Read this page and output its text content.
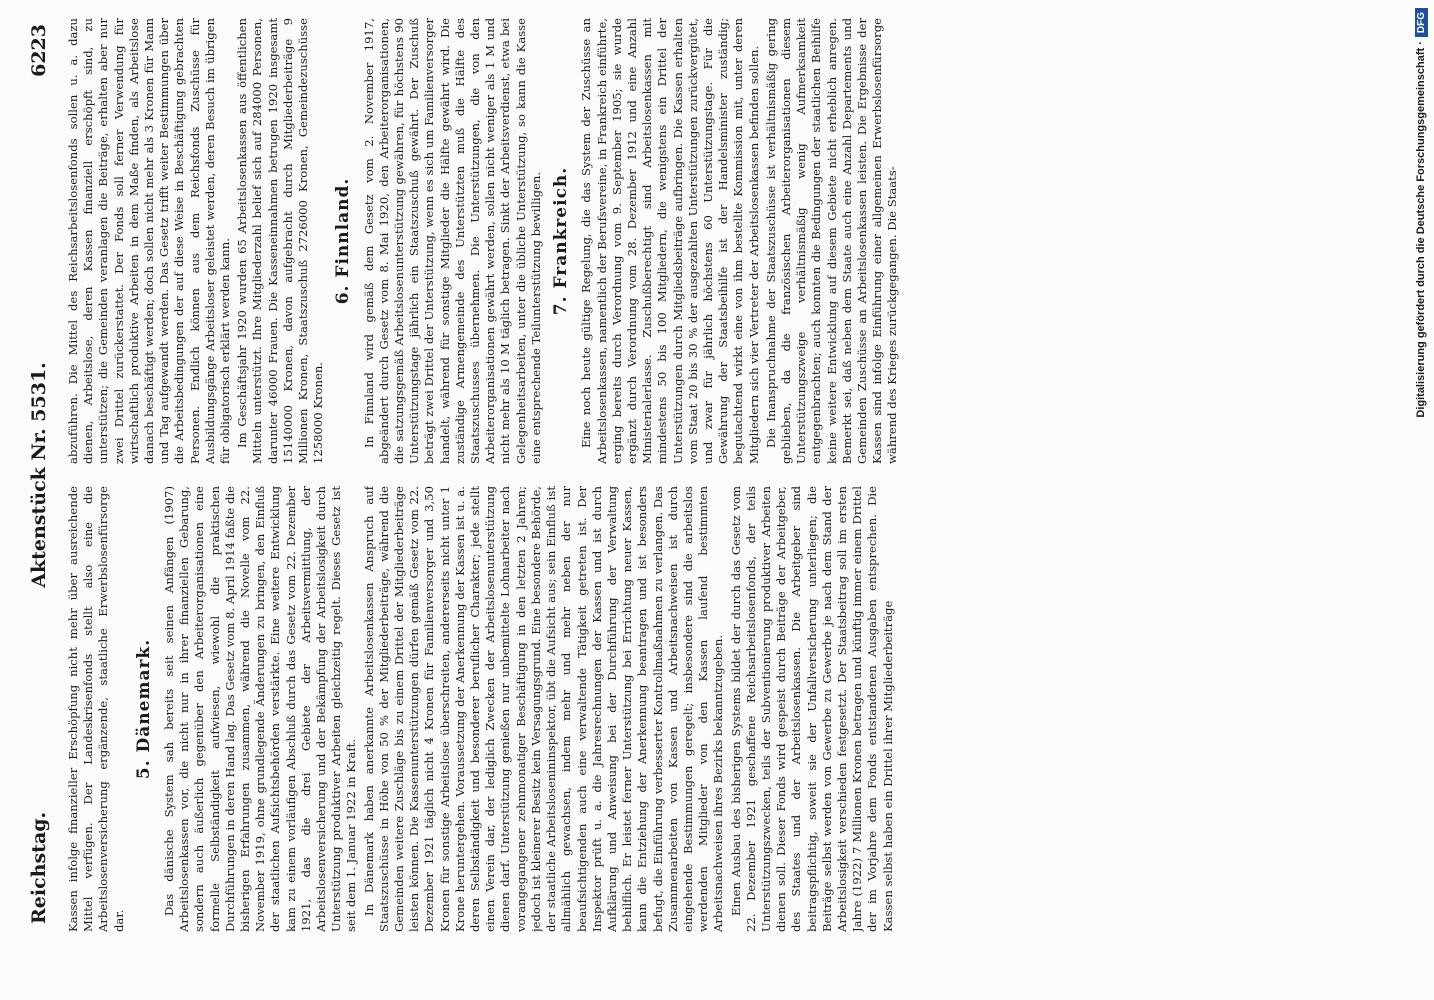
Reichstag.
Aktenstück Nr. 5531.
6223

Kassen infolge finanzieller Erschöpfung nicht mehr über ausreichende Mittel verfügen. Der Landeskrisenfonds stellt also eine die Arbeitslosenversicherung ergänzende, staatliche Erwerbslosenfürsorge dar.

5. Dänemark. Das dänische System sah bereits seit seinen Anfängen (1907) Arbeitslosenkassen vor, die nicht nur in ihrer finanziellen Gebarung, sondern auch äußerlich gegenüber den Arbeiterorganisationen eine formelle Selbständigkeit aufwiesen, wiewohl die praktischen Durchführungen in deren Hand lag. Das Gesetz vom 8. April 1914 faßte die bisherigen Erfahrungen zusammen, während die Novelle vom 22. November 1919, ohne grundlegende Änderungen zu bringen, den Einfluß der staatlichen Aufsichtsbehörden verstärkte. Eine weitere Entwicklung kam zu einem vorläufigen Abschluß durch das Gesetz vom 22. Dezember 1921, das die drei Gebiete der Arbeitsvermittlung, der Arbeitslosenversicherung und der Bekämpfung der Arbeitslosigkeit durch Unterstützung produktiver Arbeiten gleichzeitig regelt. Dieses Gesetz ist seit dem 1. Januar 1922 in Kraft. In Dänemark haben anerkannte Arbeitslosenkassen Anspruch auf Staatszuschüsse in Höhe von 50 % der Mitgliederbeiträge, während die Gemeinden weitere Zuschläge bis zu einem Drittel der Mitgliederbeiträge leisten können. Die Kassenunterstützungen dürfen gemäß Gesetz vom 22. Dezember 1921 täglich nicht 4 Kronen für Familienversorger und 3,50 Kronen für sonstige Arbeitslose überschreiten, andererseits nicht unter 1 Krone heruntergehen. Voraussetzung der Anerkennung der Kassen ist u. a. deren Selbständigkeit und besonderer beruflicher Charakter; jede stellt einen Verein dar, der lediglich Zwecken der Arbeitslosenunterstützung dienen darf. Unterstützung genießen nur unbemittelte Lohnarbeiter nach vorangegangener zehnmonatiger Beschäftigung in den letzten 2 Jahren; jedoch ist kleinerer Besitz kein Versagungsgrund. Eine besondere Behörde, der staatliche Arbeitslosenininspektor, übt die Aufsicht aus; sein Einfluß ist allmählich gewachsen, indem mehr und mehr neben der nur beaufsichtigenden auch eine verwaltende Tätigkeit getreten ist. Der Inspektor prüft u. a. die Jahresrechnungen der Kassen und ist durch Aufklärung und Anweisung bei der Durchführung der Verwaltung behilflich. Er leistet ferner Unterstützung bei Errichtung neuer Kassen, kann die Entziehung der Anerkennung beantragen und ist besonders befugt, die Einführung verbesserter Kontrollmaßnahmen zu verlangen. Das Zusammenarbeiten von Kassen und Arbeitsnachweisen ist durch eingehende Bestimmungen geregelt; insbesondere sind die arbeitslos werdenden Mitglieder von den Kassen laufend bestimmten Arbeitsnachweisen ihres Bezirks bekanntzugeben. Einen Ausbau des bisherigen Systems bildet der durch das Gesetz vom 22. Dezember 1921 geschaffene Reichsarbeitslosenfonds, der teils Unterstützungszwecken, teils der Subventionierung produktiver Arbeiten dienen soll. Dieser Fonds wird gespeist durch Beiträge der Arbeitgeber, des Staates und der Arbeitslosenkassen. Die Arbeitgeber sind beitragspflichtig, soweit sie der Unfallversicherung unterliegen; die Beiträge selbst werden von Gewerbe zu Gewerbe je nach dem Stand der Arbeitslosigkeit verschieden festgesetzt. Der Staatsbeitrag soll im ersten Jahre (1922) 7 Millionen Kronen betragen und künftig immer einem Drittel der im Vorjahre dem Fonds entstandenen Ausgaben entsprechen. Die Kassen selbst haben ein Drittel ihrer Mitgliederbeiträge

abzuführen. Die Mittel des Reichsarbeitslosenfonds sollen u. a. dazu dienen, Arbeitslose, deren Kassen finanziell erschöpft sind, zu unterstützen; die Gemeinden veranlagen die Beiträge, erhalten aber nur zwei Drittel zurückerstattet. Der Fonds soll ferner Verwendung für wirtschaftlich produktive Arbeiten in dem Maße finden, als Arbeitslose danach beschäftigt werden; doch sollen nicht mehr als 3 Kronen für Mann und Tag aufgewandt werden. Das Gesetz trifft weiter Bestimmungen über die Arbeitsbedingungen der auf diese Weise in Beschäftigung gebrachten Personen. Endlich können aus dem Reichsfonds Zuschüsse für Ausbildungsgänge Arbeitsloser geleistet werden, deren Besuch im übrigen für obligatorisch erklärt werden kann. Im Geschäftsjahr 1920 wurden 65 Arbeitslosenkassen aus öffentlichen Mitteln unterstützt. Ihre Mitgliederzahl belief sich auf 284000 Personen, darunter 46000 Frauen. Die Kasseneinnahmen betrugen 1920 insgesamt 15140000 Kronen, davon aufgebracht durch Mitgliederbeiträge 9 Millionen Kronen, Staatszuschuß 2726000 Kronen, Gemeindezuschüsse 1258000 Kronen.

6. Finnland. In Finnland wird gemäß dem Gesetz vom 2. November 1917, abgeändert durch Gesetz vom 8. Mai 1920, den Arbeiterorganisationen, die satzungsgemäß Arbeitslosenunterstützung gewähren, für höchstens 90 Unterstützungstage jährlich ein Staatszuschuß gewährt. Der Zuschuß beträgt zwei Drittel der Unterstützung, wenn es sich um Familienversorger handelt, während für sonstige Mitglieder die Hälfte gewährt wird. Die zuständige Armengemeinde des Unterstützten muß die Hälfte des Staatszuschusses übernehmen. Die Unterstützungen, die von den Arbeiterorganisationen gewährt werden, sollen nicht weniger als 1 M und nicht mehr als 10 M täglich betragen. Sinkt der Arbeitsverdienst, etwa bei Gelegenheitsarbeiten, unter die übliche Unterstützung, so kann die Kasse eine entsprechende Teilunterstützung bewilligen. 7. Frankreich. Eine noch heute gültige Regelung, die das System der Zuschüsse an Arbeitslosenkassen, namentlich der Berufsvereine, in Frankreich einführte, erging bereits durch Verordnung vom 9. September 1905; sie wurde ergänzt durch Verordnung vom 28. Dezember 1912 und eine Anzahl Ministerialerlasse. Zuschußberechtigt sind Arbeitslosenkassen mit mindestens 50 bis 100 Mitgliedern, die wenigstens ein Drittel der Unterstützungen durch Mitgliedsbeiträge aufbringen. Die Kassen erhalten vom Staat 20 bis 30 % der ausgezahlten Unterstützungen zurückvergütet, und zwar für jährlich höchstens 60 Unterstützungstage. Für die Gewährung der Staatsbeihilfe ist der Handelsminister zuständig; begutachtend wirkt eine von ihm bestellte Kommission mit, unter deren Mitgliedern sich vier Vertreter der Arbeitslosenkassen befinden sollen. Die Inanspruchnahme der Staatszuschüsse ist verhältnismäßig gering geblieben, da die französischen Arbeiterorganisationen diesem Unterstützungszweige verhältnismäßig wenig Aufmerksamkeit entgegenbrachten; auch konnten die Bedingungen der staatlichen Beihilfe keine weitere Entwicklung auf diesem Gebiete nicht erheblich anregen. Bemerkt sei, daß neben dem Staate auch eine Anzahl Departements und Gemeinden Zuschüsse an Arbeitslosenkassen leisten. Die Ergebnisse der Kassen sind infolge Einführung einer allgemeinen Erwerbslosenfürsorge während des Krieges zurückgegangen. Die Staats-	Digitalisierung gefördert durch die Deutsche Forschungsgemeinschaft ·
DFG
